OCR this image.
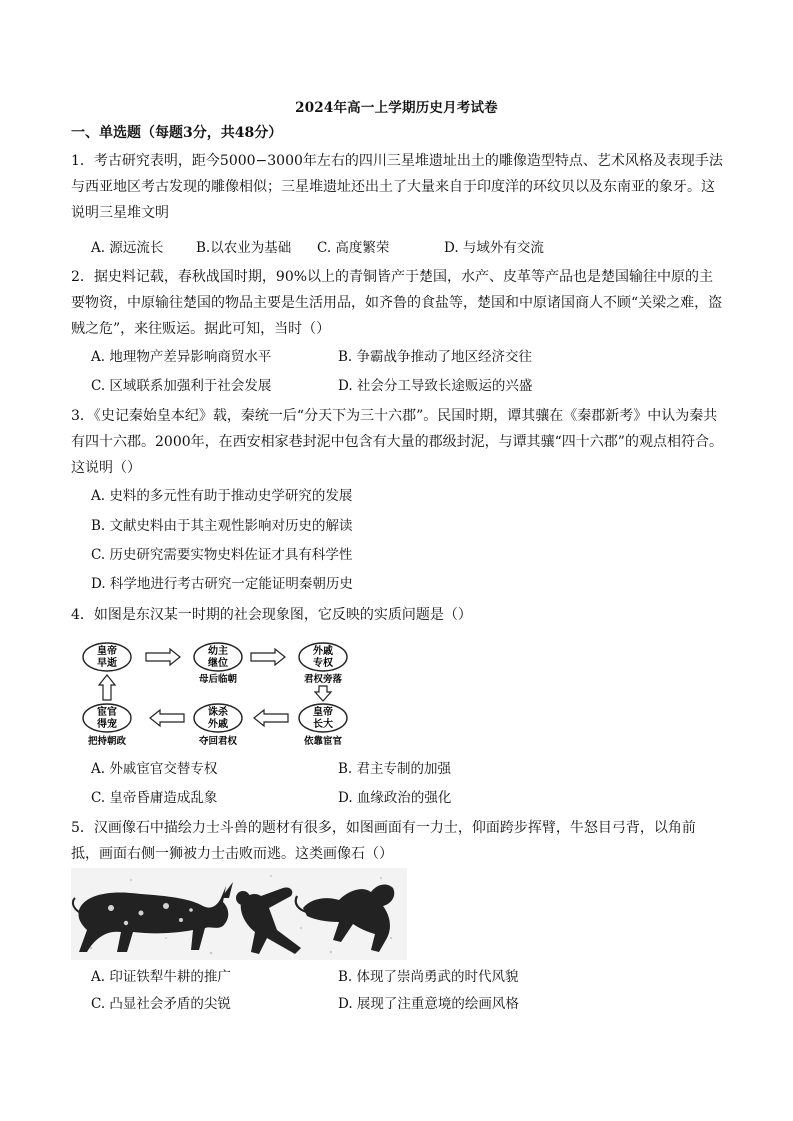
2024年高一上学期历史月考试卷
一、单选题（每题3分，共48分）
1．考古研究表明，距今5000−3000年左右的四川三星堆遗址出土的雕像造型特点、艺术风格及表现手法与西亚地区考古发现的雕像相似；三星堆遗址还出土了大量来自于印度洋的环纹贝以及东南亚的象牙。这说明三星堆文明
A. 源远流长 B.以农业为基础 C. 高度繁荣	D. 与域外有交流
2．据史料记载，春秋战国时期，90%以上的青铜皆产于楚国，水产、皮革等产品也是楚国输往中原的主要物资，中原输往楚国的物品主要是生活用品，如齐鲁的食盐等，楚国和中原诸国商人不顾“关梁之难，盗贼之危”，来往贩运。据此可知，当时（）
A. 地理物产差异影响商贸水平	B. 争霸战争推动了地区经济交往
C. 区域联系加强利于社会发展	D. 社会分工导致长途贩运的兴盛
3．《史记秦始皇本纪》载，秦统一后“分天下为三十六郡”。民国时期，谭其骧在《秦郡新考》中认为秦共有四十六郡。2000年，在西安相家巷封泥中包含有大量的郡级封泥，与谭其骧“四十六郡”的观点相符合。这说明（）
A. 史料的多元性有助于推动史学研究的发展
B. 文献史料由于其主观性影响对历史的解读
C. 历史研究需要实物史料佐证才具有科学性
D. 科学地进行考古研究一定能证明秦朝历史
4．如图是东汉某一时期的社会现象图，它反映的实质问题是（）
皇帝
早逝
幼主
继位
母后临朝
外戚
专权
君权旁落
皇帝
长大
依靠宦官
诛杀
外戚
夺回君权
宦官
得宠
把持朝政
A. 外戚宦官交替专权	B. 君主专制的加强
C. 皇帝昏庸造成乱象	D. 血缘政治的强化
5．汉画像石中描绘力士斗兽的题材有很多，如图画面有一力士，仰面跨步挥臂，牛怒目弓背，以角前抵，画面右侧一狮被力士击败而逃。这类画像石（）
A. 印证铁犁牛耕的推广	B. 体现了崇尚勇武的时代风貌
C. 凸显社会矛盾的尖锐	D. 展现了注重意境的绘画风格
